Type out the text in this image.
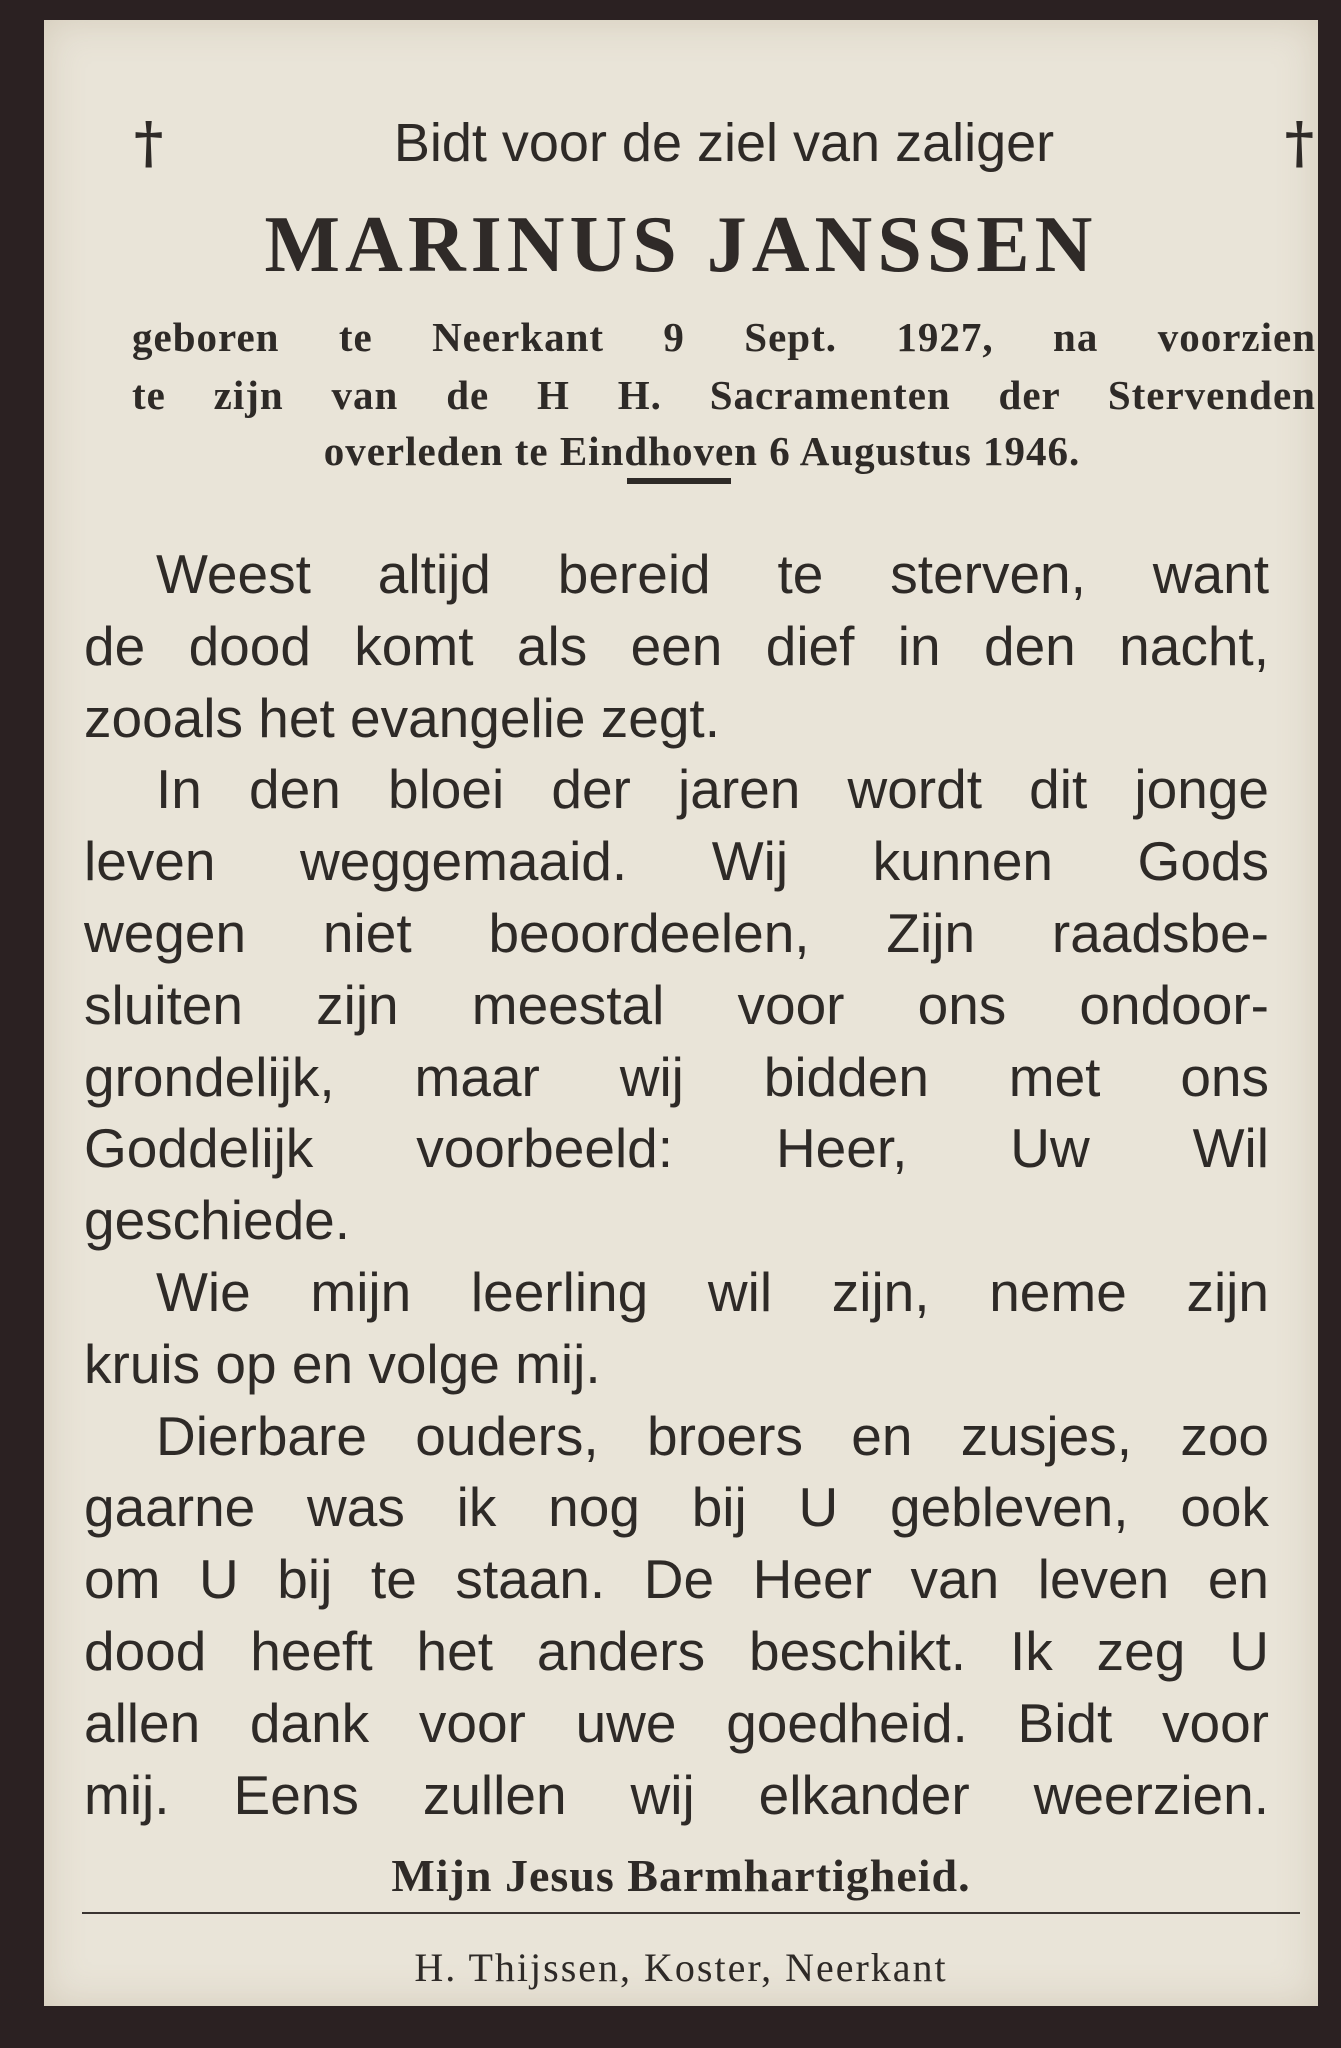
†	Bidt voor de ziel van zaliger	†
MARINUS JANSSEN
geboren te Neerkant 9 Sept. 1927, na voorzien
te zijn van de H H. Sacramenten der Stervenden
overleden te Eindhoven 6 Augustus 1946.
Weest altijd bereid te sterven, want
de dood komt als een dief in den nacht,
zooals het evangelie zegt.
In den bloei der jaren wordt dit jonge
leven weggemaaid. Wij kunnen Gods
wegen niet beoordeelen, Zijn raadsbe-
sluiten zijn meestal voor ons ondoor-
grondelijk, maar wij bidden met ons
Goddelijk voorbeeld: Heer, Uw Wil
geschiede.
Wie mijn leerling wil zijn, neme zijn
kruis op en volge mij.
Dierbare ouders, broers en zusjes, zoo
gaarne was ik nog bij U gebleven, ook
om U bij te staan. De Heer van leven en
dood heeft het anders beschikt. Ik zeg U
allen dank voor uwe goedheid. Bidt voor
mij. Eens zullen wij elkander weerzien.
Mijn Jesus Barmhartigheid.
H. Thijssen, Koster, Neerkant
